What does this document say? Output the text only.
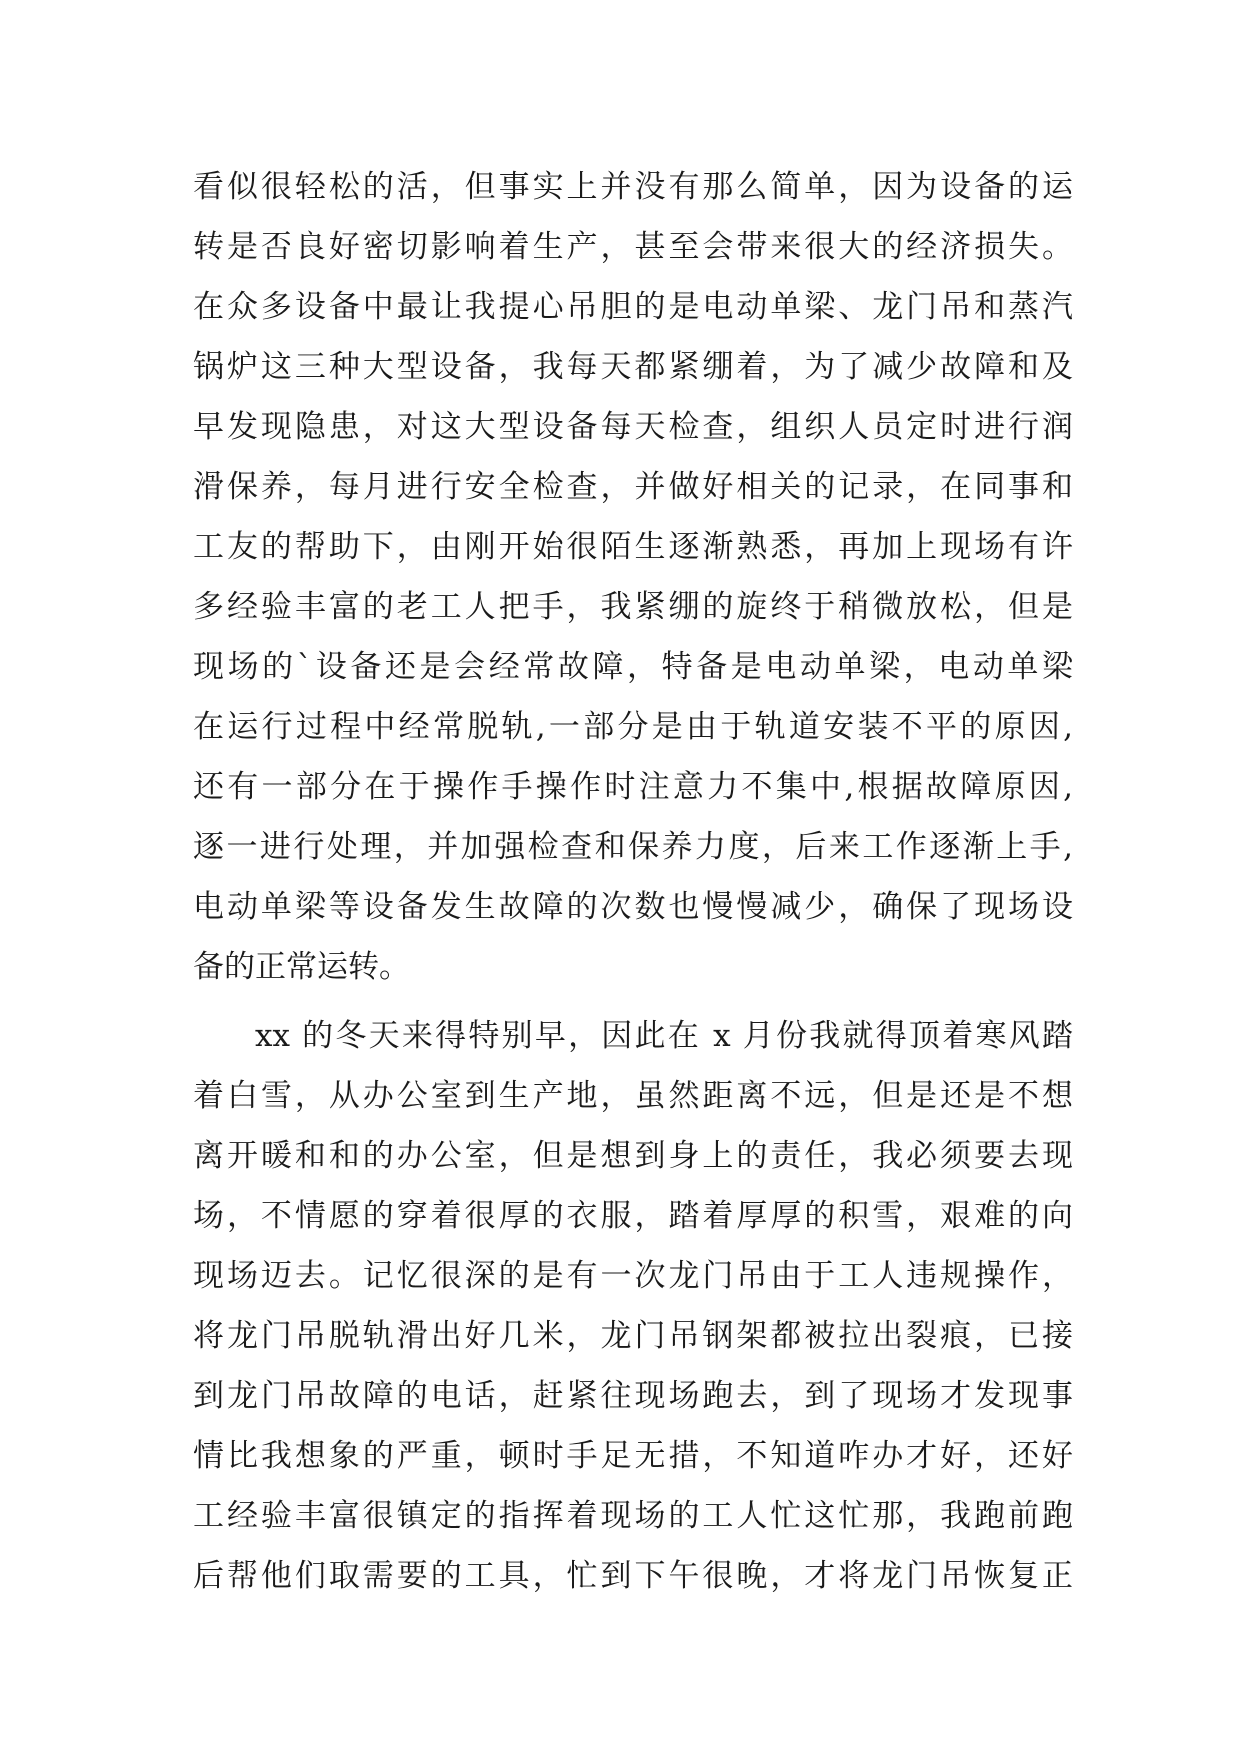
看似很轻松的活，但事实上并没有那么简单，因为设备的运
转是否良好密切影响着生产，甚至会带来很大的经济损失。
在众多设备中最让我提心吊胆的是电动单梁、龙门吊和蒸汽
锅炉这三种大型设备，我每天都紧绷着，为了减少故障和及
早发现隐患，对这大型设备每天检查，组织人员定时进行润
滑保养，每月进行安全检查，并做好相关的记录，在同事和
工友的帮助下，由刚开始很陌生逐渐熟悉，再加上现场有许
多经验丰富的老工人把手，我紧绷的旋终于稍微放松，但是
现场的`设备还是会经常故障，特备是电动单梁，电动单梁
在运行过程中经常脱轨,一部分是由于轨道安装不平的原因,
还有一部分在于操作手操作时注意力不集中,根据故障原因,
逐一进行处理，并加强检查和保养力度，后来工作逐渐上手,
电动单梁等设备发生故障的次数也慢慢减少，确保了现场设
备的正常运转。
xx 的冬天来得特别早，因此在 x 月份我就得顶着寒风踏
着白雪，从办公室到生产地，虽然距离不远，但是还是不想
离开暖和和的办公室，但是想到身上的责任，我必须要去现
场，不情愿的穿着很厚的衣服，踏着厚厚的积雪，艰难的向
现场迈去。记忆很深的是有一次龙门吊由于工人违规操作，
将龙门吊脱轨滑出好几米，龙门吊钢架都被拉出裂痕，已接
到龙门吊故障的电话，赶紧往现场跑去，到了现场才发现事
情比我想象的严重，顿时手足无措，不知道咋办才好，还好
工经验丰富很镇定的指挥着现场的工人忙这忙那，我跑前跑
后帮他们取需要的工具，忙到下午很晚，才将龙门吊恢复正
